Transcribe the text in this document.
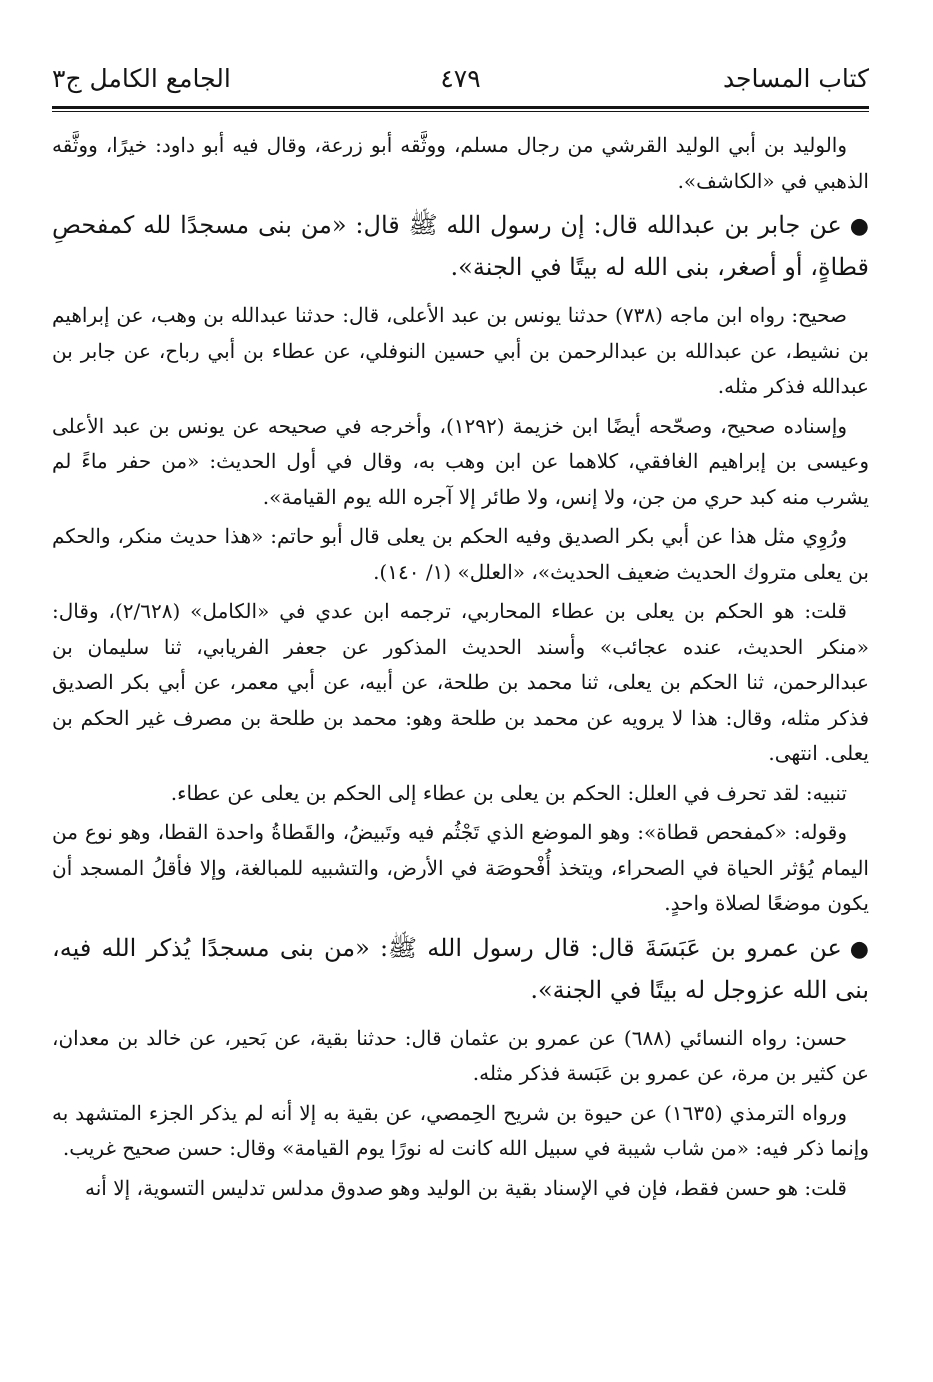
كتاب المساجد
٤٧٩
الجامع الكامل ج٣

والوليد بن أبي الوليد القرشي من رجال مسلم، ووثَّقه أبو زرعة، وقال فيه أبو داود: خيرًا، ووثَّقه الذهبي في «الكاشف».

●عن جابر بن عبدالله قال: إن رسول الله ﷺ قال: «من بنى مسجدًا لله كمفحصِ قطاةٍ، أو أصغر، بنى الله له بيتًا في الجنة».

صحيح: رواه ابن ماجه (٧٣٨) حدثنا يونس بن عبد الأعلى، قال: حدثنا عبدالله بن وهب، عن إبراهيم بن نشيط، عن عبدالله بن عبدالرحمن بن أبي حسين النوفلي، عن عطاء بن أبي رباح، عن جابر بن عبدالله فذكر مثله.

وإسناده صحيح، وصحّحه أيضًا ابن خزيمة (١٢٩٢)، وأخرجه في صحيحه عن يونس بن عبد الأعلى وعيسى بن إبراهيم الغافقي، كلاهما عن ابن وهب به، وقال في أول الحديث: «من حفر ماءً لم يشرب منه كبد حري من جن، ولا إنس، ولا طائر إلا آجره الله يوم القيامة».

ورُوِي مثل هذا عن أبي بكر الصديق وفيه الحكم بن يعلى قال أبو حاتم: «هذا حديث منكر، والحكم بن يعلى متروك الحديث ضعيف الحديث»، «العلل» (١/ ١٤٠).

قلت: هو الحكم بن يعلى بن عطاء المحاربي، ترجمه ابن عدي في «الكامل» (٢/٦٢٨)، وقال: «منكر الحديث، عنده عجائب» وأسند الحديث المذكور عن جعفر الفريابي، ثنا سليمان بن عبدالرحمن، ثنا الحكم بن يعلى، ثنا محمد بن طلحة، عن أبيه، عن أبي معمر، عن أبي بكر الصديق فذكر مثله، وقال: هذا لا يرويه عن محمد بن طلحة وهو: محمد بن طلحة بن مصرف غير الحكم بن يعلى. انتهى.

تنبيه: لقد تحرف في العلل: الحكم بن يعلى بن عطاء إلى الحكم بن يعلى عن عطاء.

وقوله: «كمفحص قطاة»: وهو الموضع الذي تَجْثُم فيه وتَبيضُ، والقَطاةُ واحدة القطا، وهو نوع من اليمام يُؤثر الحياة في الصحراء، ويتخذ أُفْحوصَة في الأرض، والتشبيه للمبالغة، وإلا فأقلُ المسجد أن يكون موضعًا لصلاة واحدٍ.

●عن عمرو بن عَبَسَةَ قال: قال رسول الله ﷺ: «من بنى مسجدًا يُذكر الله فيه، بنى الله عزوجل له بيتًا في الجنة».

حسن: رواه النسائي (٦٨٨) عن عمرو بن عثمان قال: حدثنا بقية، عن بَحير، عن خالد بن معدان، عن كثير بن مرة، عن عمرو بن عَبَسة فذكر مثله.

ورواه الترمذي (١٦٣٥) عن حيوة بن شريح الحِمصي، عن بقية به إلا أنه لم يذكر الجزء المتشهد به وإنما ذكر فيه: «من شاب شيبة في سبيل الله كانت له نورًا يوم القيامة» وقال: حسن صحيح غريب.

قلت: هو حسن فقط، فإن في الإسناد بقية بن الوليد وهو صدوق مدلس تدليس التسوية، إلا أنه
